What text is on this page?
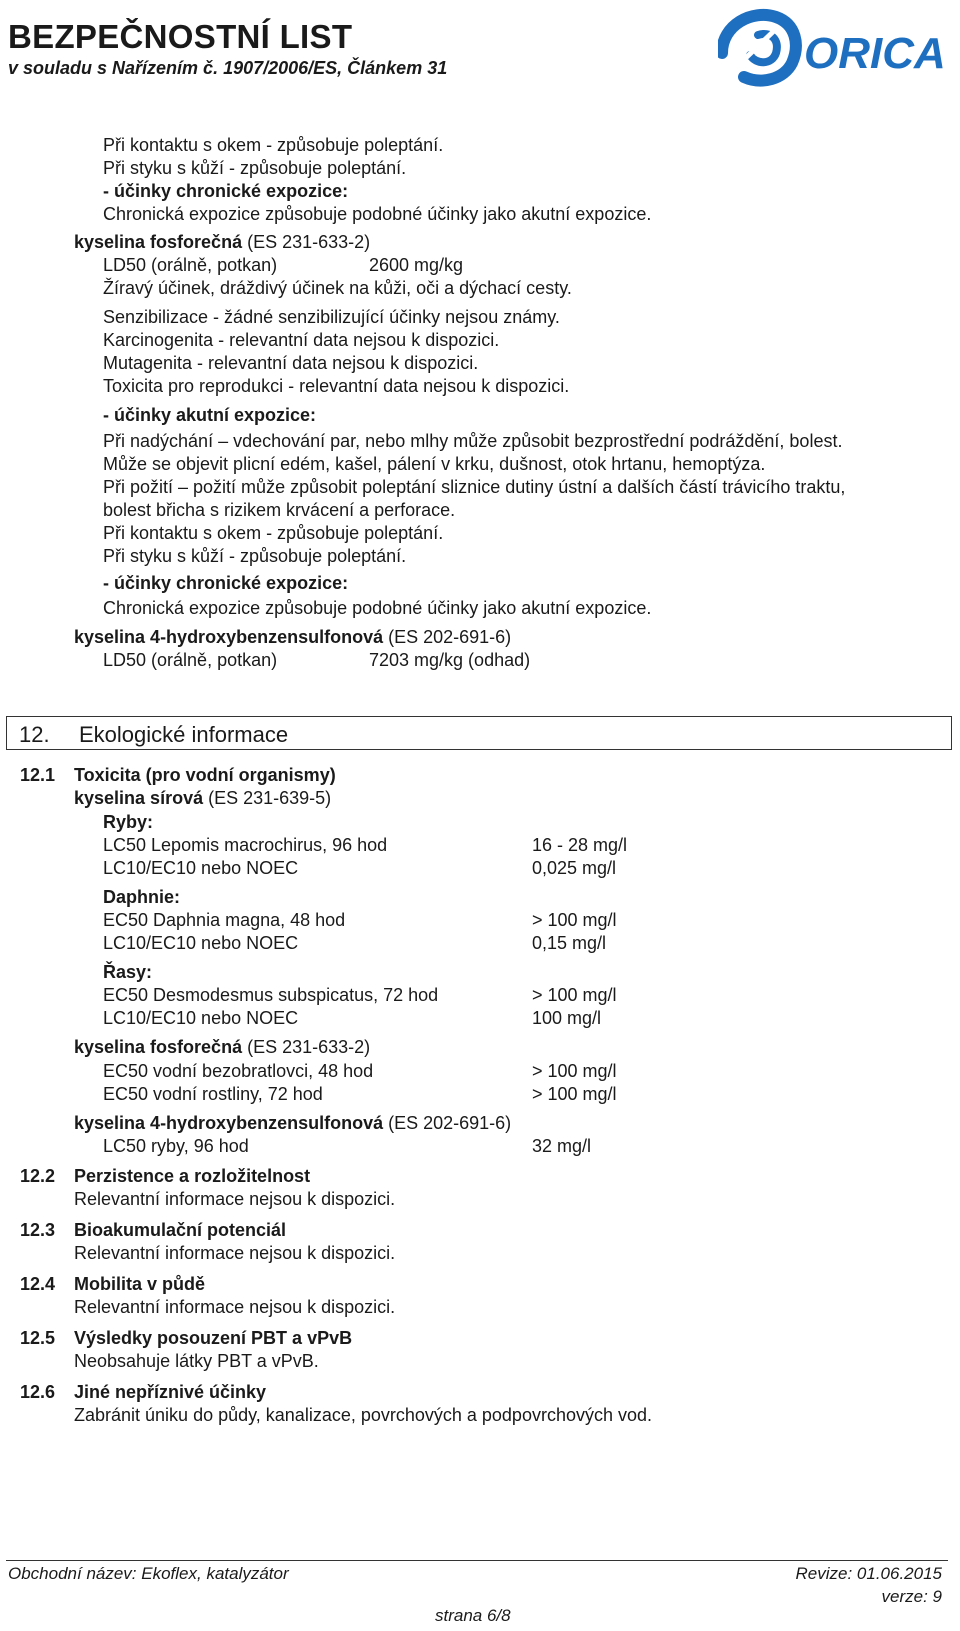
BEZPEČNOSTNÍ LIST
v souladu s Nařízením č. 1907/2006/ES, Článkem 31	ORICA
Při kontaktu s okem - způsobuje poleptání.
Při styku s kůží - způsobuje poleptání.
- účinky chronické expozice:
Chronická expozice způsobuje podobné účinky jako akutní expozice.
kyselina fosforečná (ES 231-633-2)
LD50 (orálně, potkan)	2600 mg/kg
Žíravý účinek, dráždivý účinek na kůži, oči a dýchací cesty.
Senzibilizace - žádné senzibilizující účinky nejsou známy.
Karcinogenita - relevantní data nejsou k dispozici.
Mutagenita - relevantní data nejsou k dispozici.
Toxicita pro reprodukci - relevantní data nejsou k dispozici.
- účinky akutní expozice:
Při nadýchání – vdechování par, nebo mlhy může způsobit bezprostřední podráždění, bolest.
Může se objevit plicní edém, kašel, pálení v krku, dušnost, otok hrtanu, hemoptýza.
Při požití – požití může způsobit poleptání sliznice dutiny ústní a dalších částí trávicího traktu,
bolest břicha s rizikem krvácení a perforace.
Při kontaktu s okem - způsobuje poleptání.
Při styku s kůží - způsobuje poleptání.
- účinky chronické expozice:
Chronická expozice způsobuje podobné účinky jako akutní expozice.
kyselina 4-hydroxybenzensulfonová (ES 202-691-6)
LD50 (orálně, potkan)	7203 mg/kg (odhad)
12. Ekologické informace
12.1 Toxicita (pro vodní organismy)
kyselina sírová (ES 231-639-5)
Ryby:
LC50 Lepomis macrochirus, 96 hod	16 - 28 mg/l
LC10/EC10 nebo NOEC	0,025 mg/l
Daphnie:
EC50 Daphnia magna, 48 hod	> 100 mg/l
LC10/EC10 nebo NOEC	0,15 mg/l
Řasy:
EC50 Desmodesmus subspicatus, 72 hod	> 100 mg/l
LC10/EC10 nebo NOEC	100 mg/l
kyselina fosforečná (ES 231-633-2)
EC50 vodní bezobratlovci, 48 hod	> 100 mg/l
EC50 vodní rostliny, 72 hod	> 100 mg/l
kyselina 4-hydroxybenzensulfonová (ES 202-691-6)
LC50 ryby, 96 hod	32 mg/l
12.2 Perzistence a rozložitelnost
Relevantní informace nejsou k dispozici.
12.3 Bioakumulační potenciál
Relevantní informace nejsou k dispozici.
12.4 Mobilita v půdě
Relevantní informace nejsou k dispozici.
12.5 Výsledky posouzení PBT a vPvB
Neobsahuje látky PBT a vPvB.
12.6 Jiné nepříznivé účinky
Zabránit úniku do půdy, kanalizace, povrchových a podpovrchových vod.
Obchodní název: Ekoflex, katalyzátor	Revize: 01.06.2015
verze: 9
strana 6/8
